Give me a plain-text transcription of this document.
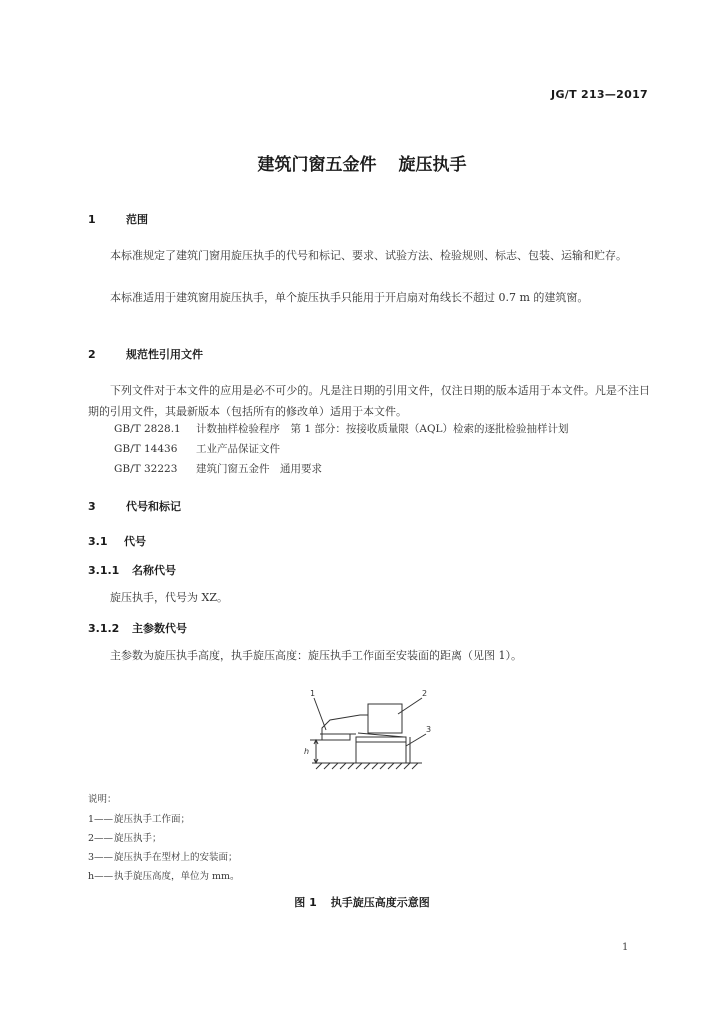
JG/T 213—2017
建筑门窗五金件 旋压执手
1	范围
本标准规定了建筑门窗用旋压执手的代号和标记、要求、试验方法、检验规则、标志、包装、运输和贮存。
本标准适用于建筑窗用旋压执手，单个旋压执手只能用于开启扇对角线长不超过 0.7 m 的建筑窗。
2	规范性引用文件
下列文件对于本文件的应用是必不可少的。凡是注日期的引用文件，仅注日期的版本适用于本文件。凡是不注日期的引用文件，其最新版本（包括所有的修改单）适用于本文件。
GB/T 2828.1 计数抽样检验程序　第 1 部分：按接收质量限（AQL）检索的逐批检验抽样计划
GB/T 14436 工业产品保证文件
GB/T 32223 建筑门窗五金件　通用要求
3	代号和标记
3.1 代号
3.1.1 名称代号
旋压执手，代号为 XZ。
3.1.2 主参数代号
主参数为旋压执手高度，执手旋压高度：旋压执手工作面至安装面的距离（见图 1）。
1	2
3
h
说明：
1——旋压执手工作面；
2——旋压执手；
3——旋压执手在型材上的安装面；
h——执手旋压高度，单位为 mm。
图 1 执手旋压高度示意图
1
